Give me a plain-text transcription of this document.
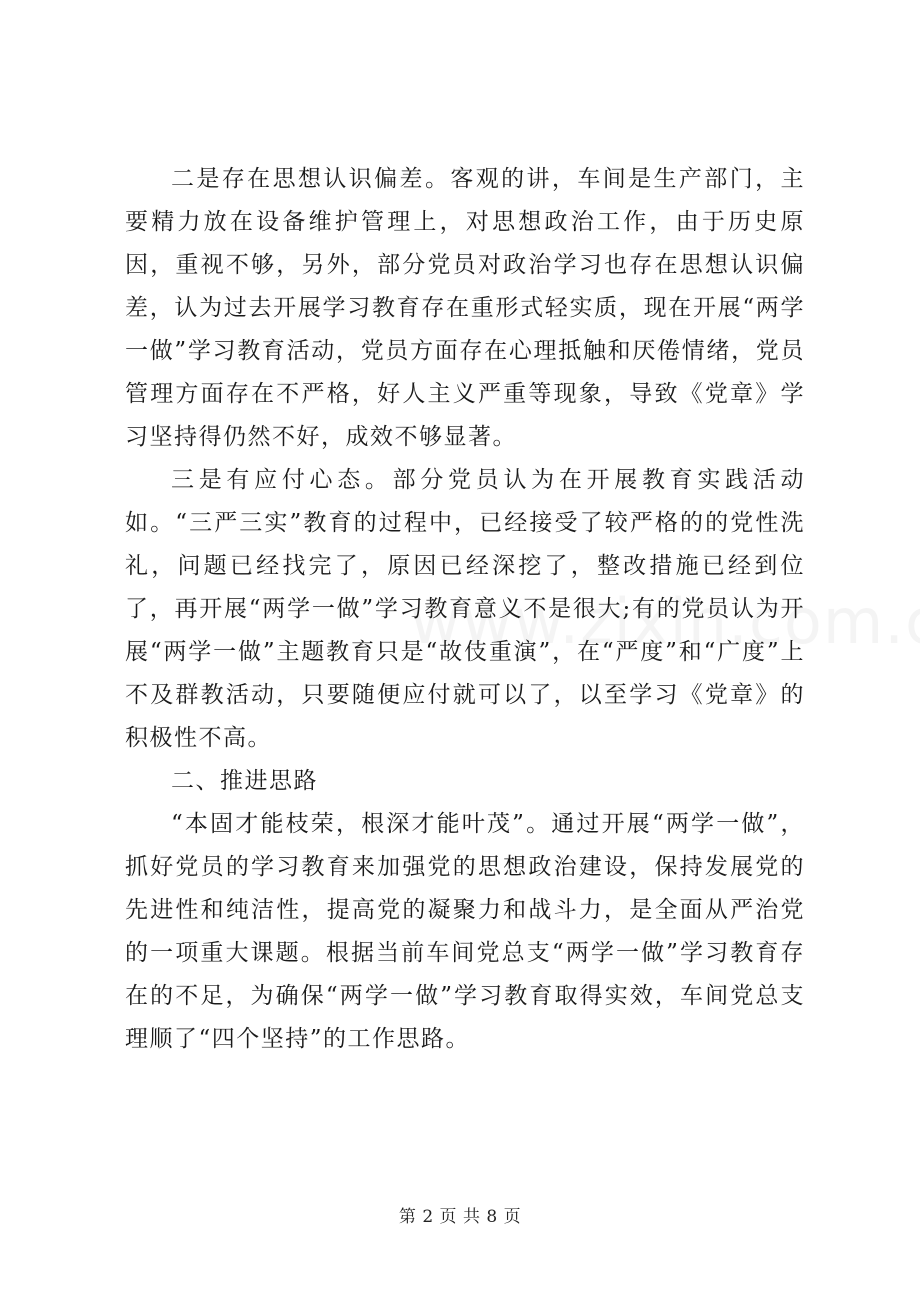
二是存在思想认识偏差。客观的讲，车间是生产部门，主要精力放在设备维护管理上，对思想政治工作，由于历史原因，重视不够，另外，部分党员对政治学习也存在思想认识偏差，认为过去开展学习教育存在重形式轻实质，现在开展“两学一做”学习教育活动，党员方面存在心理抵触和厌倦情绪，党员管理方面存在不严格，好人主义严重等现象，导致《党章》学习坚持得仍然不好，成效不够显著。

三是有应付心态。部分党员认为在开展教育实践活动如。“三严三实”教育的过程中，已经接受了较严格的的党性洗礼，问题已经找完了，原因已经深挖了，整改措施已经到位了，再开展“两学一做”学习教育意义不是很大;有的党员认为开展“两学一做”主题教育只是“故伎重演”，在“严度”和“广度”上不及群教活动，只要随便应付就可以了，以至学习《党章》的积极性不高。

二、推进思路

“本固才能枝荣，根深才能叶茂”。通过开展“两学一做”，抓好党员的学习教育来加强党的思想政治建设，保持发展党的先进性和纯洁性，提高党的凝聚力和战斗力，是全面从严治党的一项重大课题。根据当前车间党总支“两学一做”学习教育存在的不足，为确保“两学一做”学习教育取得实效，车间党总支理顺了“四个坚持”的工作思路。

第 2 页 共 8 页
